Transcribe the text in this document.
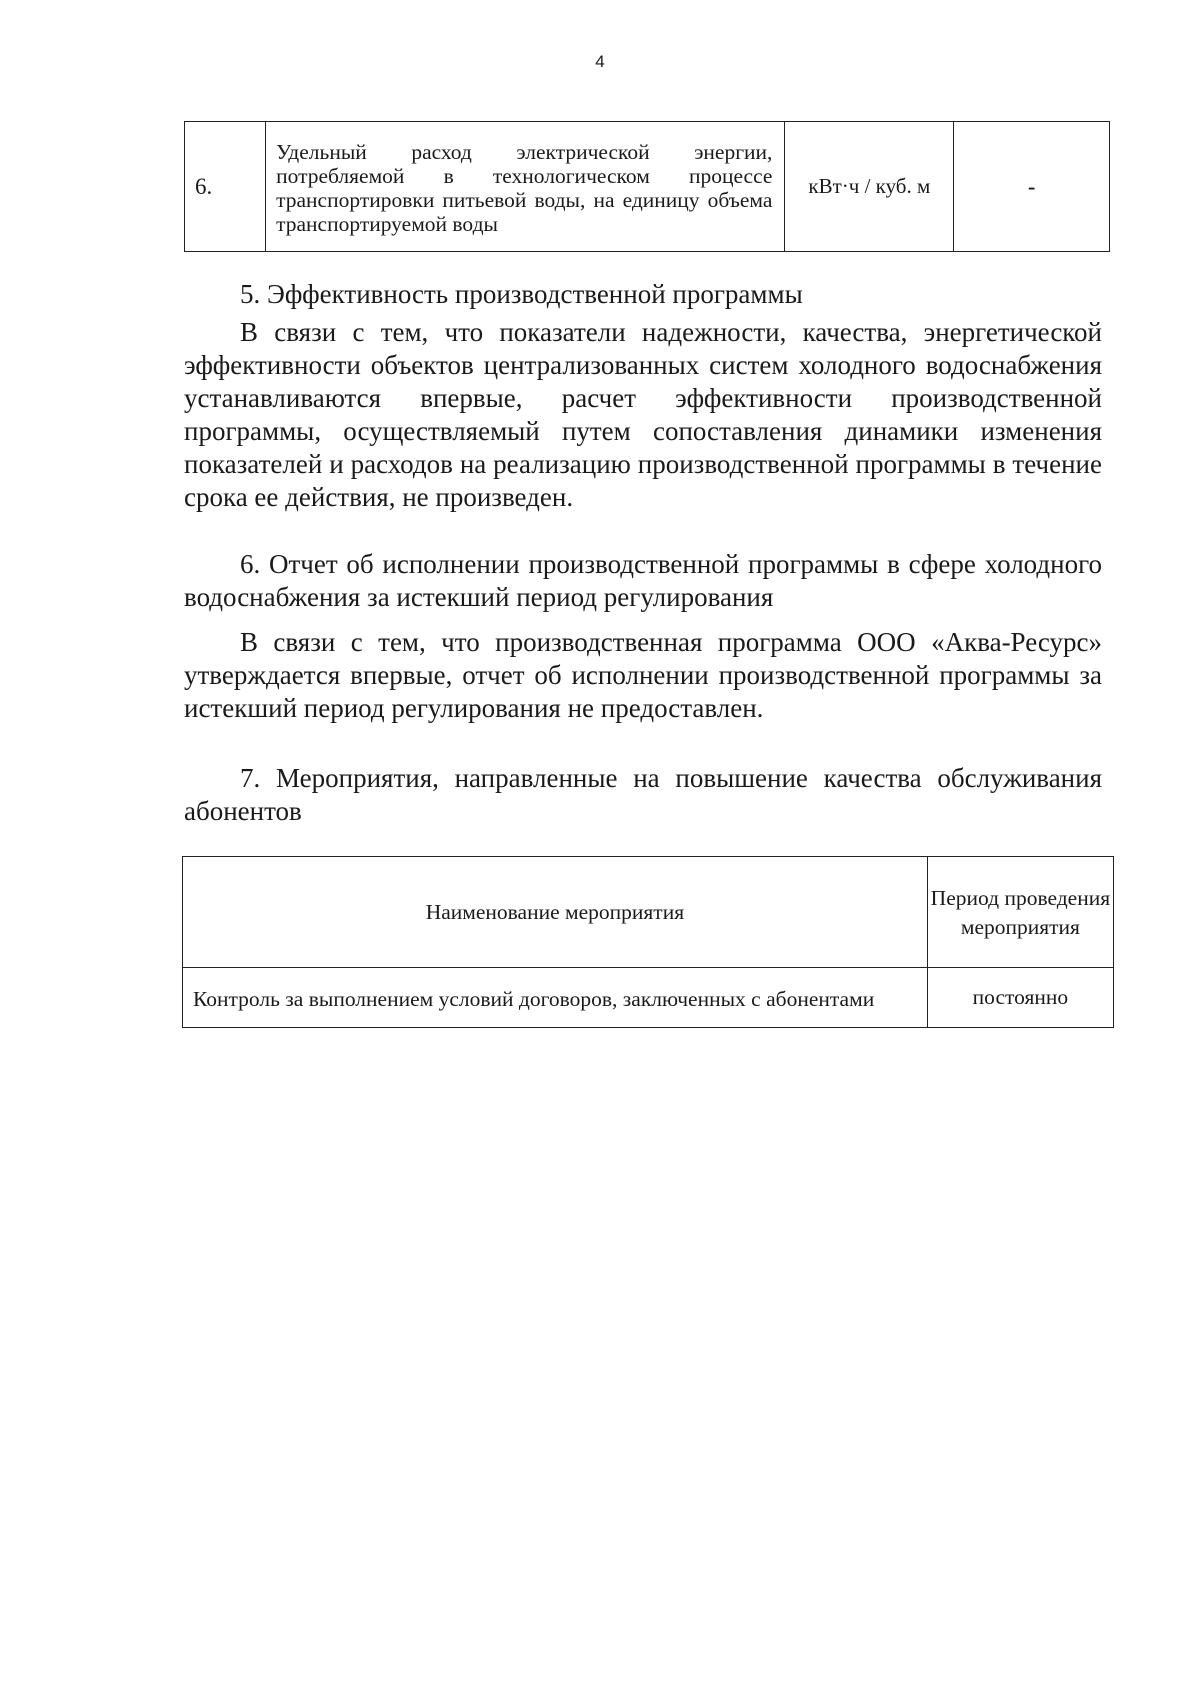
4
6.	Удельный расход электрической энергии, потребляемой в технологическом процессе транспортировки питьевой воды, на единицу объема транспортируемой воды	кВт·ч / куб. м	-

5. Эффективность производственной программы

В связи с тем, что показатели надежности, качества, энергетической эффективности объектов централизованных систем холодного водоснабжения устанавливаются впервые, расчет эффективности производственной программы, осуществляемый путем сопоставления динамики изменения показателей и расходов на реализацию производственной программы в течение срока ее действия, не произведен.

6. Отчет об исполнении производственной программы в сфере холодного водоснабжения за истекший период регулирования

В связи с тем, что производственная программа ООО «Аква-Ресурс» утверждается впервые, отчет об исполнении производственной программы за истекший период регулирования не предоставлен.

7. Мероприятия, направленные на повышение качества обслуживания абонентов

Наименование мероприятия	Период проведения мероприятия
Контроль за выполнением условий договоров, заключенных с абонентами	постоянно
